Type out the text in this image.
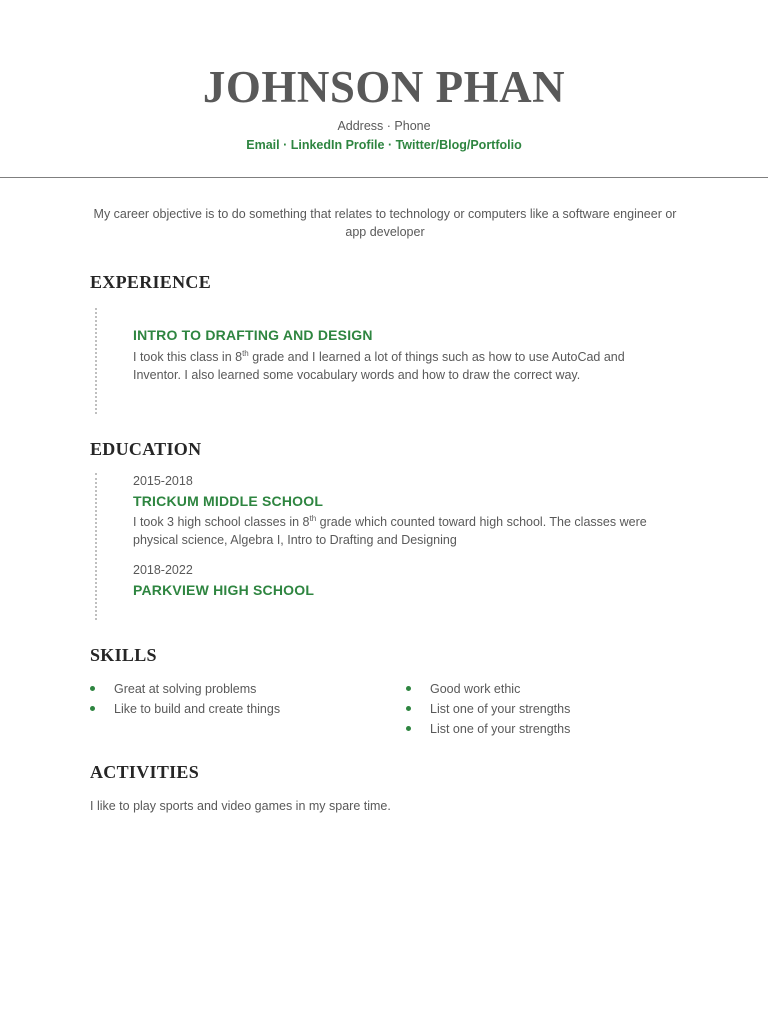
JOHNSON PHAN
Address · Phone
Email · LinkedIn Profile · Twitter/Blog/Portfolio
My career objective is to do something that relates to technology or computers like a software engineer or app developer
EXPERIENCE
INTRO TO DRAFTING AND DESIGN
I took this class in 8th grade and I learned a lot of things such as how to use AutoCad and Inventor. I also learned some vocabulary words and how to draw the correct way.
EDUCATION
2015-2018
TRICKUM MIDDLE SCHOOL
I took 3 high school classes in 8th grade which counted toward high school. The classes were physical science, Algebra I, Intro to Drafting and Designing
2018-2022
PARKVIEW HIGH SCHOOL
SKILLS
Great at solving problems
Like to build and create things
Good work ethic
List one of your strengths
List one of your strengths
ACTIVITIES
I like to play sports and video games in my spare time.
